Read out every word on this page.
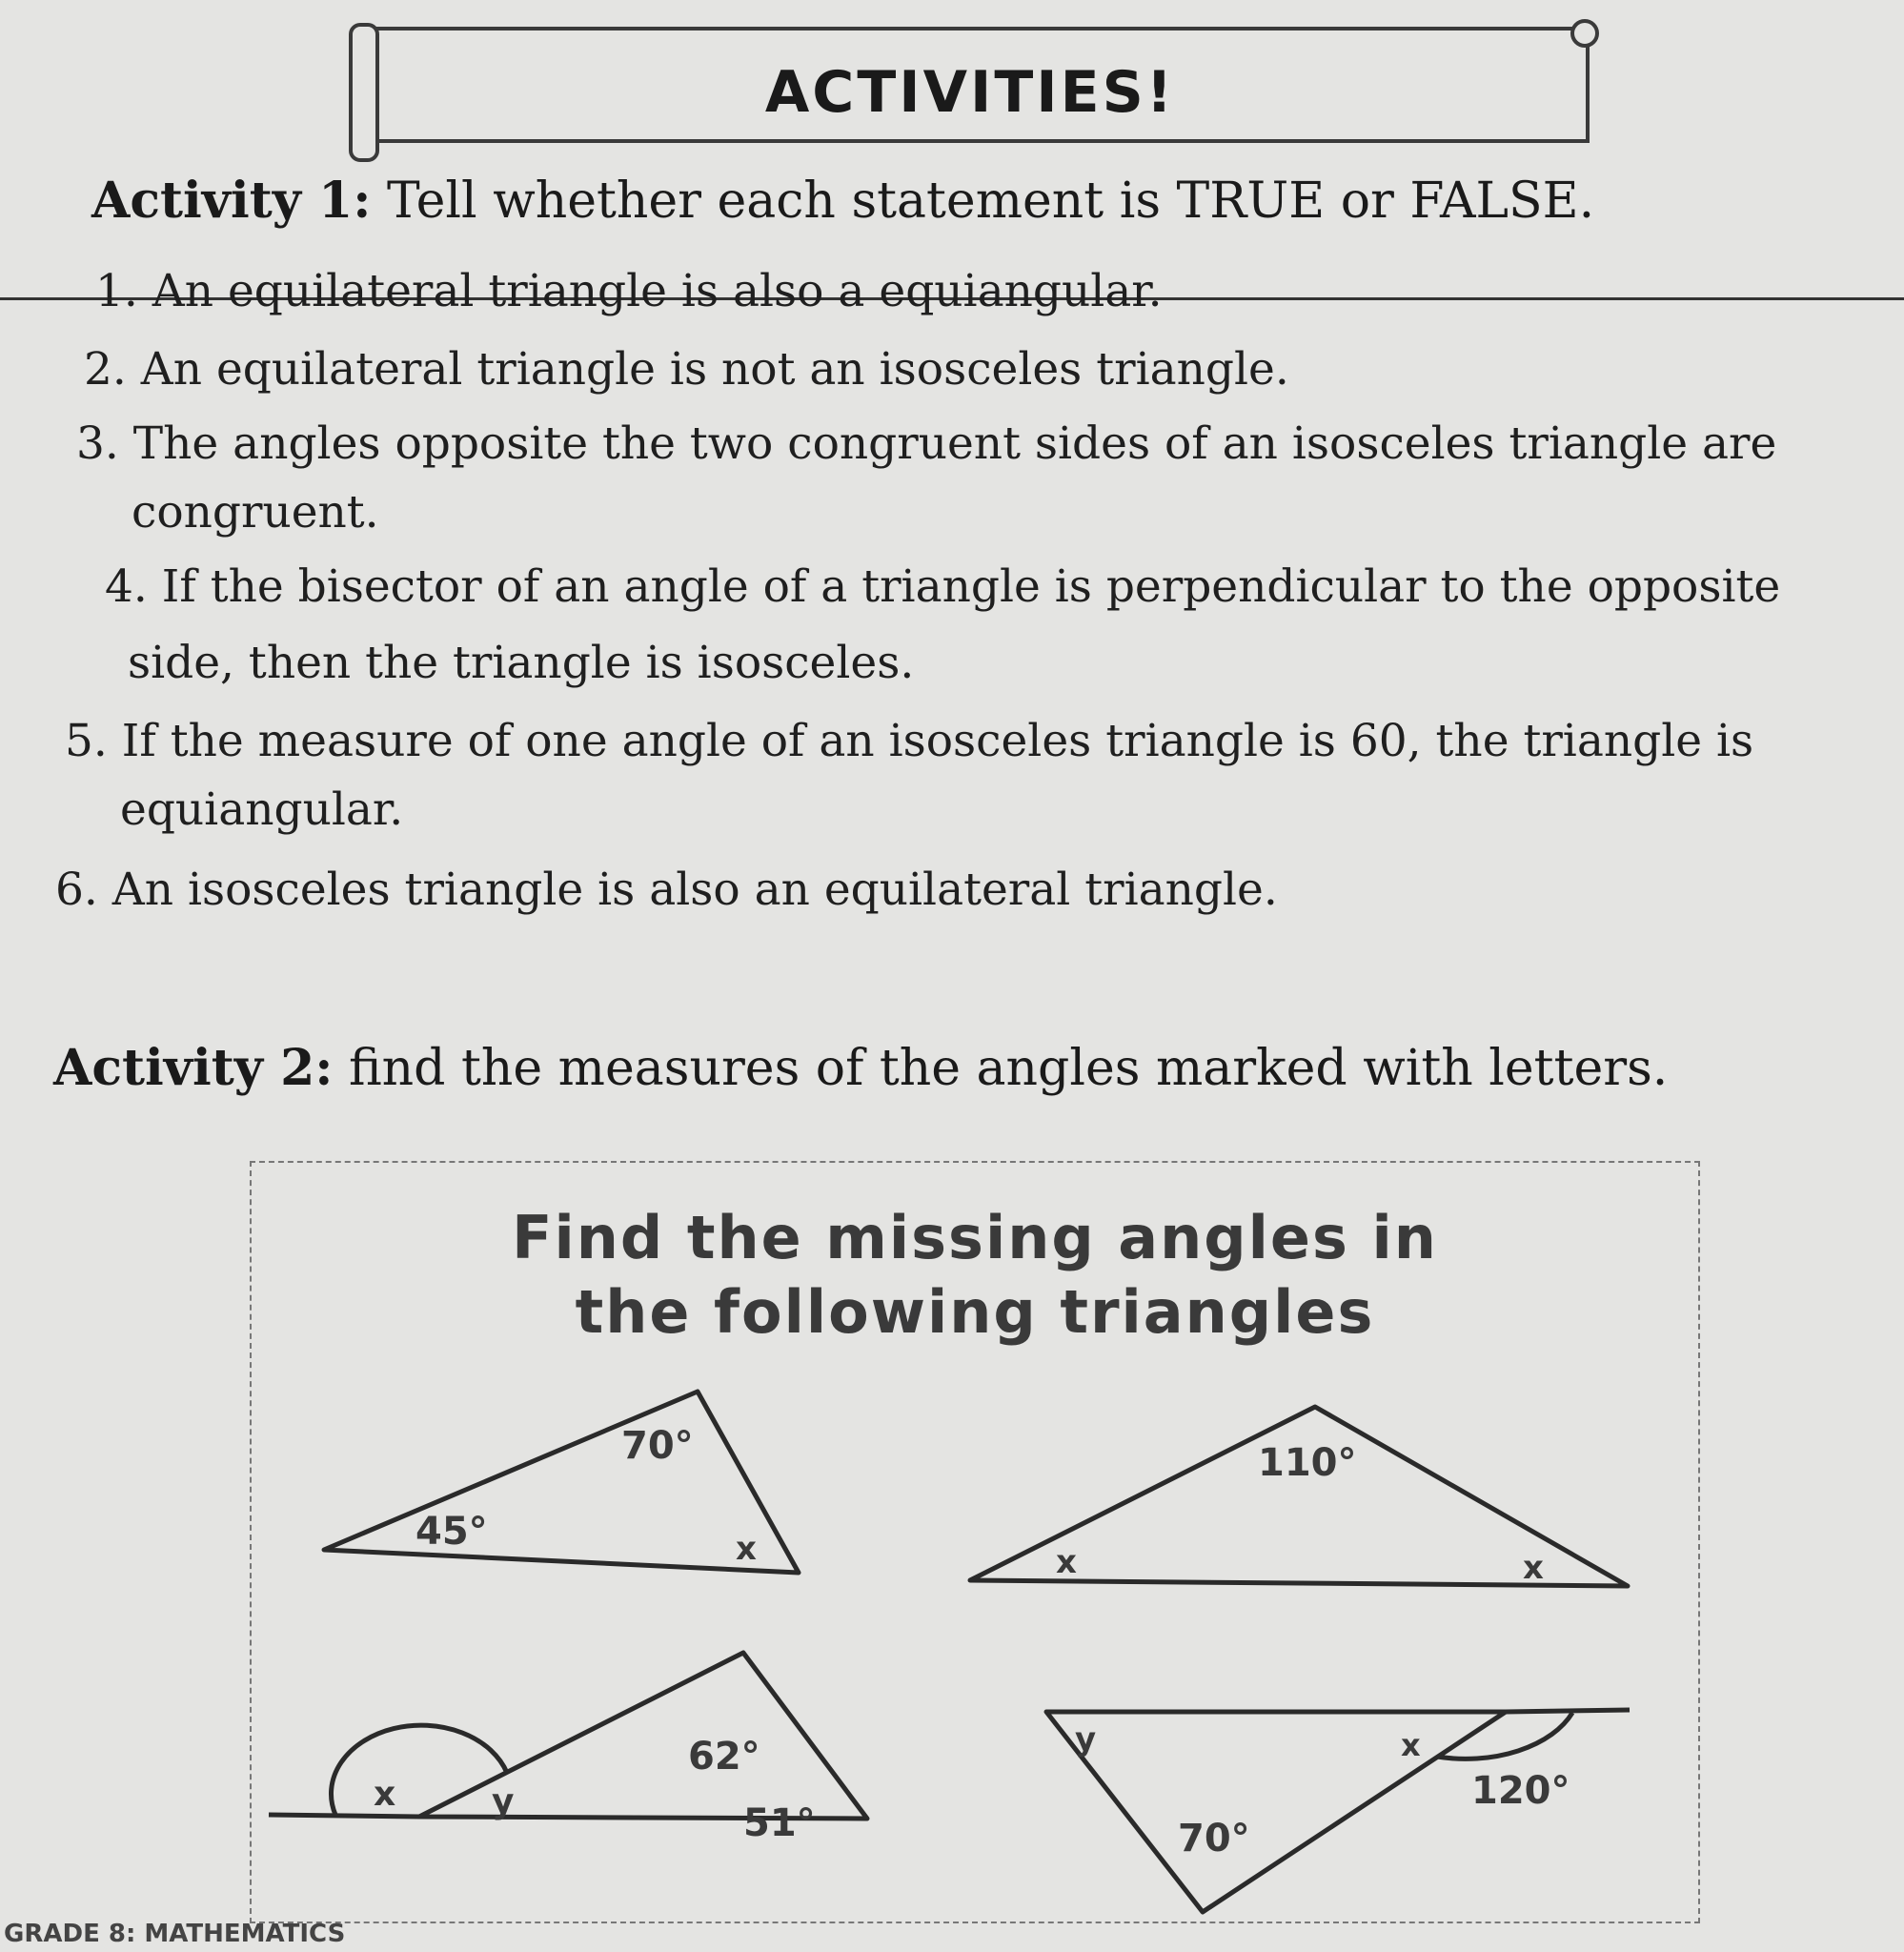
ACTIVITIES!
Activity 1: Tell whether each statement is TRUE or FALSE.
1. An equilateral triangle is also a equiangular.
2. An equilateral triangle is not an isosceles triangle.
3. The angles opposite the two congruent sides of an isosceles triangle are
congruent.
4. If the bisector of an angle of a triangle is perpendicular to the opposite
side, then the triangle is isosceles.
5. If the measure of one angle of an isosceles triangle is 60, the triangle is
equiangular.
6. An isosceles triangle is also an equilateral triangle.
Activity 2: find the measures of the angles marked with letters.
Find the missing angles in
the following triangles
70°
45°	x
110°
x	x
62°
51°
x	y
y	x
120°
70°
GRADE 8: MATHEMATICS
